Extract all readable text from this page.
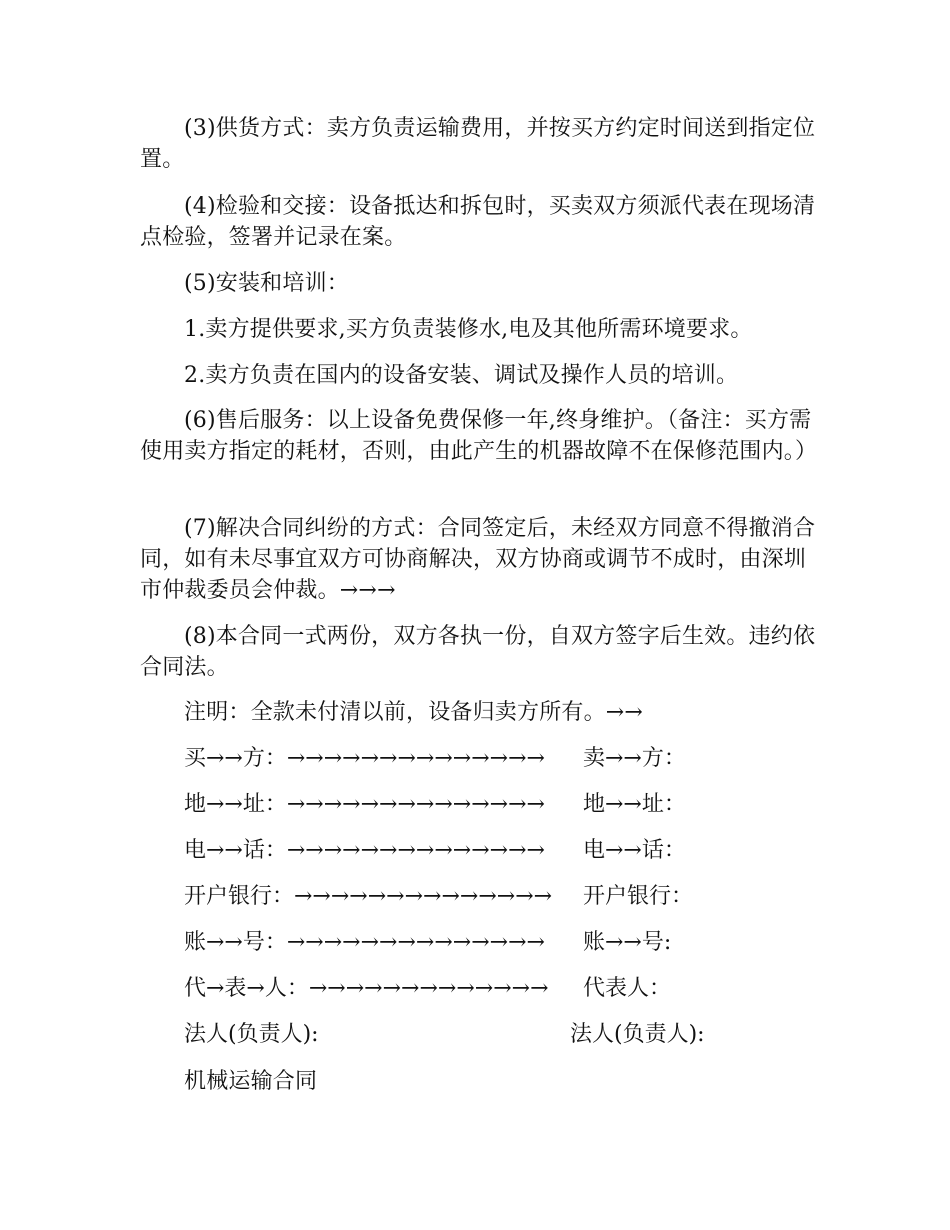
(3)供货方式：卖方负责运输费用，并按买方约定时间送到指定位置。

(4)检验和交接：设备抵达和拆包时，买卖双方须派代表在现场清点检验，签署并记录在案。

(5)安装和培训：

1.卖方提供要求,买方负责装修水,电及其他所需环境要求。

2.卖方负责在国内的设备安装、调试及操作人员的培训。

(6)售后服务：以上设备免费保修一年,终身维护。（备注：买方需使用卖方指定的耗材，否则，由此产生的机器故障不在保修范围内。）

(7)解决合同纠纷的方式：合同签定后，未经双方同意不得撤消合同，如有未尽事宜双方可协商解决，双方协商或调节不成时，由深圳市仲裁委员会仲裁。→→→

(8)本合同一式两份，双方各执一份，自双方签字后生效。违约依合同法。

注明：全款未付清以前，设备归卖方所有。→→

买→→方：→→→→→→→→→→→→→→ 卖→→方：
地→→址：→→→→→→→→→→→→→→ 地→→址：
电→→话：→→→→→→→→→→→→→→ 电→→话：
开户银行：→→→→→→→→→→→→→→ 开户银行：
账→→号：→→→→→→→→→→→→→→ 账→→号:
代→表→人：→→→→→→→→→→→→→ 代表人：
法人(负责人):	法人(负责人):

机械运输合同
